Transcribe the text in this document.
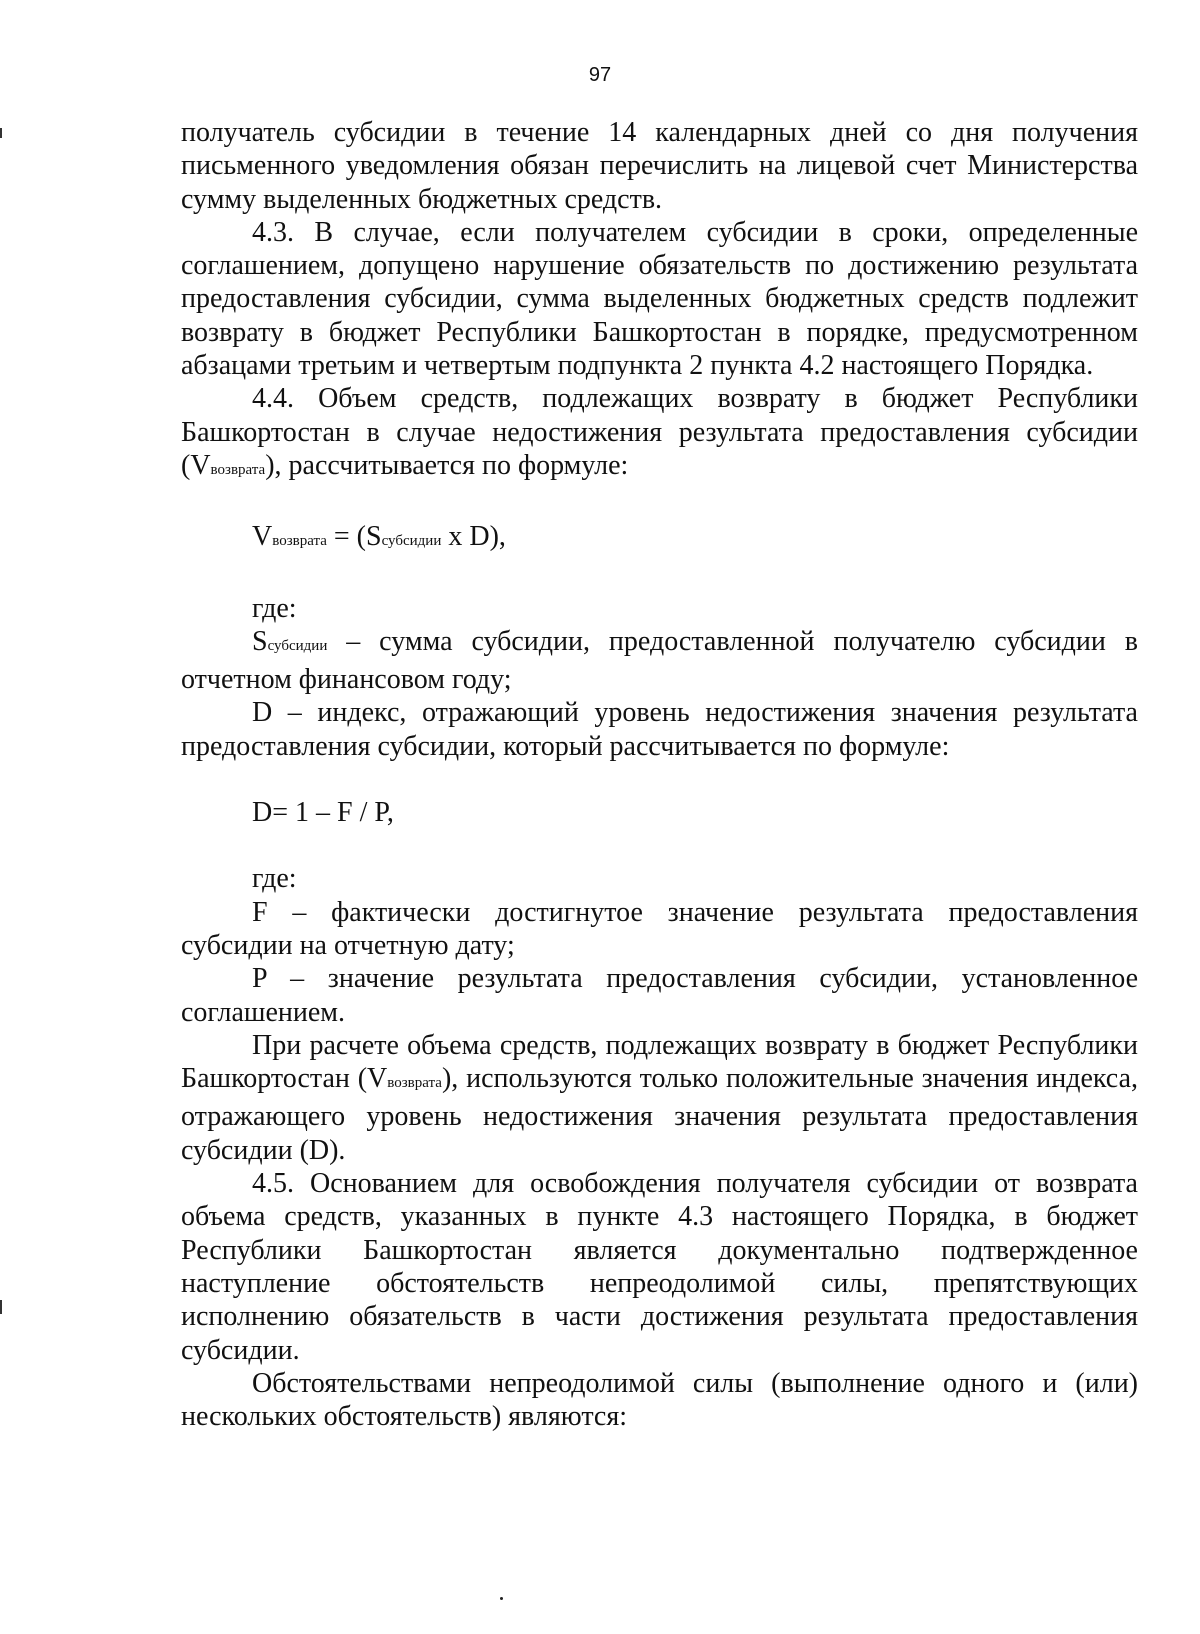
97

получатель субсидии в течение 14 календарных дней со дня получения письменного уведомления обязан перечислить на лицевой счет Министерства сумму выделенных бюджетных средств.

4.3. В случае, если получателем субсидии в сроки, определенные соглашением, допущено нарушение обязательств по достижению результата предоставления субсидии, сумма выделенных бюджетных средств подлежит возврату в бюджет Республики Башкортостан в порядке, предусмотренном абзацами третьим и четвертым подпункта 2 пункта 4.2 настоящего Порядка.

4.4. Объем средств, подлежащих возврату в бюджет Республики Башкортостан в случае недостижения результата предоставления субсидии (Vвозврата), рассчитывается по формуле:

Vвозврата = (Sсубсидии x D),

где:

Sсубсидии – сумма субсидии, предоставленной получателю субсидии в отчетном финансовом году;

D – индекс, отражающий уровень недостижения значения результата предоставления субсидии, который рассчитывается по формуле:

D= 1 – F / P,

где:

F – фактически достигнутое значение результата предоставления субсидии на отчетную дату;

P – значение результата предоставления субсидии, установленное соглашением.

При расчете объема средств, подлежащих возврату в бюджет Республики Башкортостан (Vвозврата), используются только положительные значения индекса, отражающего уровень недостижения значения результата предоставления субсидии (D).

4.5. Основанием для освобождения получателя субсидии от возврата объема средств, указанных в пункте 4.3 настоящего Порядка, в бюджет Республики Башкортостан является документально подтвержденное наступление обстоятельств непреодолимой силы, препятствующих исполнению обязательств в части достижения результата предоставления субсидии.

Обстоятельствами непреодолимой силы (выполнение одного и (или) нескольких обстоятельств) являются:
